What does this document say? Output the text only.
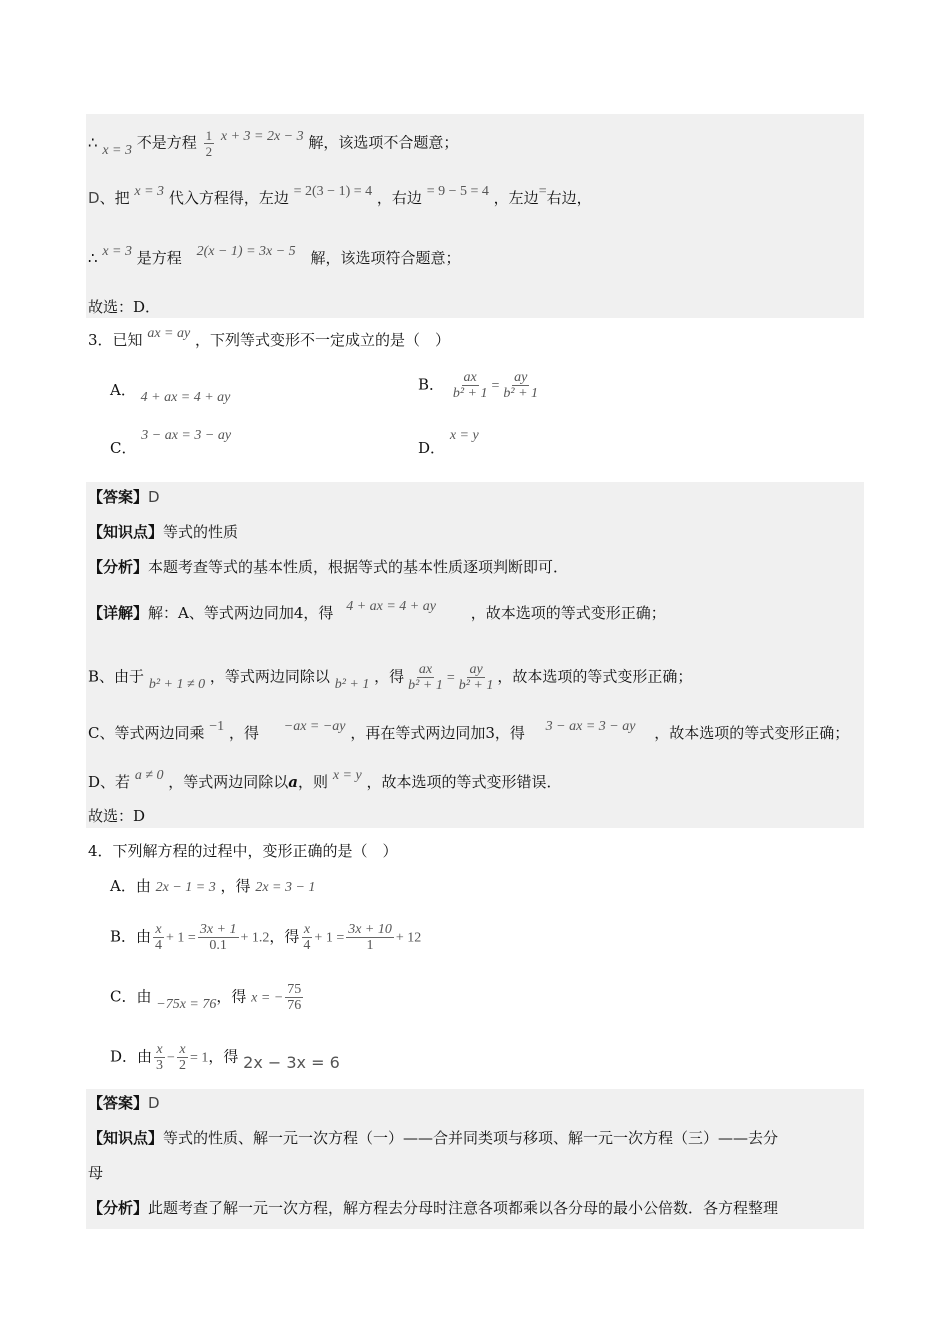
∴ x = 3 不是方程 $\frac{1}{2}$ x + 3 = 2x − 3 解，该选项不合题意；
D、把 x = 3 代入方程得，左边 = 2(3 − 1) = 4 ，右边 = 9 − 5 = 4 ，左边=右边，
∴ x = 3 是方程 2(x − 1) = 3x − 5 解，该选项符合题意；
故选：D．
3．已知 ax = ay ，下列等式变形不一定成立的是（　）
A． 4 + ax = 4 + ay
B． $\frac{ax}{\text{b² + 1}} = \frac{ay}{\text{b² + 1}}$
C． 3 − ax = 3 − ay
D． x = y
【答案】D
【知识点】等式的性质
【分析】本题考查等式的基本性质，根据等式的基本性质逐项判断即可．
【详解】解：A、等式两边同加4，得 4 + ax = 4 + ay ，故本选项的等式变形正确；
B、由于 b² + 1 ≠ 0 ，等式两边同除以 b² + 1 ，得 $\frac{ax}{\text{b² + 1}} = \frac{ay}{\text{b² + 1}}$ ，故本选项的等式变形正确；
C、等式两边同乘 −1 ，得 −ax = −ay ，再在等式两边同加3，得 3 − ax = 3 − ay ，故本选项的等式变形正确；
D、若 a ≠ 0 ，等式两边同除以a，则 x = y ，故本选项的等式变形错误．
故选：D
4．下列解方程的过程中，变形正确的是（　）
A．由 2x − 1 = 3 ，得 2x = 3 − 1
B．由 $\frac{x}{4} + 1 = \frac{3x + 1}{0.1} + 1.2$，得 $\frac{x}{4} + 1 = \frac{3x + 10}{1} + 12$
C．由 −75x = 76，得 x = − $\frac{75}{76}$
D．由 $\frac{x}{3} - \frac{x}{2} = 1$，得 2x − 3x = 6
【答案】D
【知识点】等式的性质、解一元一次方程（一）——合并同类项与移项、解一元一次方程（三）——去分
母
【分析】此题考查了解一元一次方程，解方程去分母时注意各项都乘以各分母的最小公倍数．各方程整理
